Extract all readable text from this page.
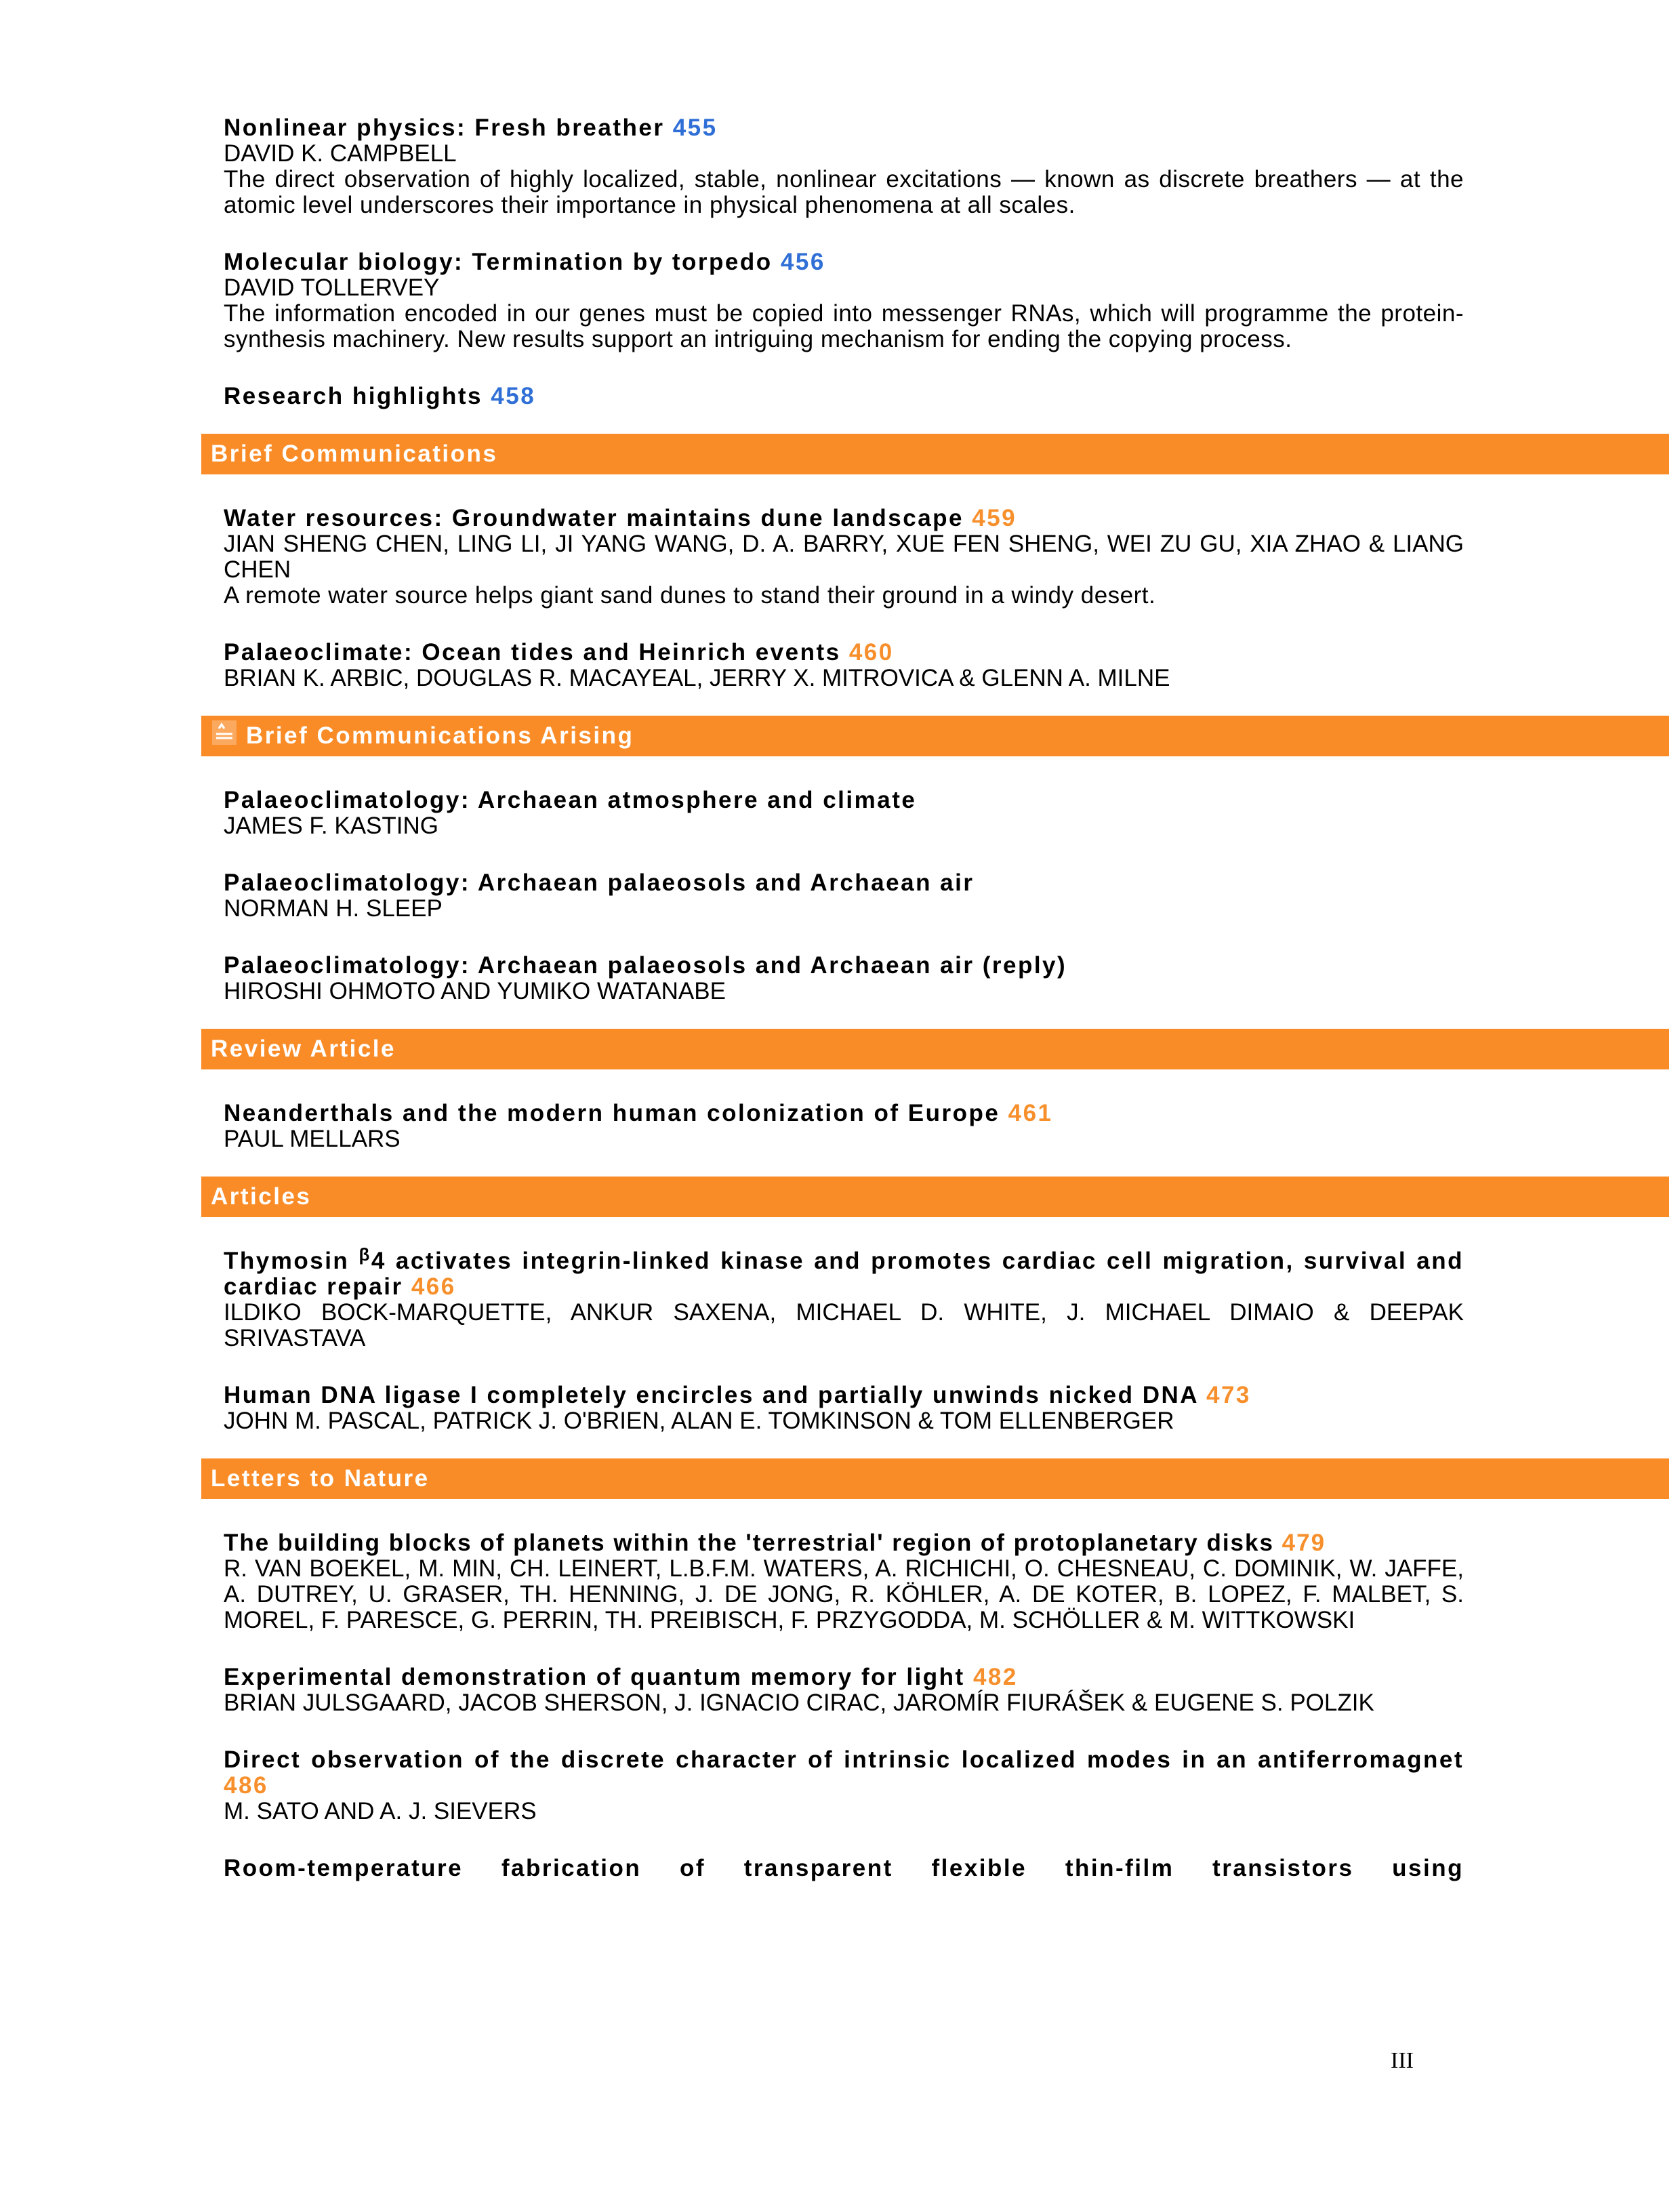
Nonlinear physics: Fresh breather 455
DAVID K. CAMPBELL
The direct observation of highly localized, stable, nonlinear excitations — known as discrete breathers — at the atomic level underscores their importance in physical phenomena at all scales.
Molecular biology: Termination by torpedo 456
DAVID TOLLERVEY
The information encoded in our genes must be copied into messenger RNAs, which will programme the protein-synthesis machinery. New results support an intriguing mechanism for ending the copying process.
Research highlights 458
Brief Communications
Water resources: Groundwater maintains dune landscape 459
JIAN SHENG CHEN, LING LI, JI YANG WANG, D. A. BARRY, XUE FEN SHENG, WEI ZU GU, XIA ZHAO & LIANG CHEN
A remote water source helps giant sand dunes to stand their ground in a windy desert.
Palaeoclimate: Ocean tides and Heinrich events 460
BRIAN K. ARBIC, DOUGLAS R. MACAYEAL, JERRY X. MITROVICA & GLENN A. MILNE
Brief Communications Arising
Palaeoclimatology: Archaean atmosphere and climate
JAMES F. KASTING
Palaeoclimatology: Archaean palaeosols and Archaean air
NORMAN H. SLEEP
Palaeoclimatology: Archaean palaeosols and Archaean air (reply)
HIROSHI OHMOTO AND YUMIKO WATANABE
Review Article
Neanderthals and the modern human colonization of Europe 461
PAUL MELLARS
Articles
Thymosin $^\beta$4 activates integrin-linked kinase and promotes cardiac cell migration, survival and cardiac repair 466
ILDIKO BOCK-MARQUETTE, ANKUR SAXENA, MICHAEL D. WHITE, J. MICHAEL DIMAIO & DEEPAK SRIVASTAVA
Human DNA ligase I completely encircles and partially unwinds nicked DNA 473
JOHN M. PASCAL, PATRICK J. O'BRIEN, ALAN E. TOMKINSON & TOM ELLENBERGER
Letters to Nature
The building blocks of planets within the 'terrestrial' region of protoplanetary disks 479
R. VAN BOEKEL, M. MIN, CH. LEINERT, L.B.F.M. WATERS, A. RICHICHI, O. CHESNEAU, C. DOMINIK, W. JAFFE, A. DUTREY, U. GRASER, TH. HENNING, J. DE JONG, R. KÖHLER, A. DE KOTER, B. LOPEZ, F. MALBET, S. MOREL, F. PARESCE, G. PERRIN, TH. PREIBISCH, F. PRZYGODDA, M. SCHÖLLER & M. WITTKOWSKI
Experimental demonstration of quantum memory for light 482
BRIAN JULSGAARD, JACOB SHERSON, J. IGNACIO CIRAC, JAROMÍR FIURÁŠEK & EUGENE S. POLZIK
Direct observation of the discrete character of intrinsic localized modes in an antiferromagnet 486
M. SATO AND A. J. SIEVERS
Room-temperature fabrication of transparent flexible thin-film transistors using
III
